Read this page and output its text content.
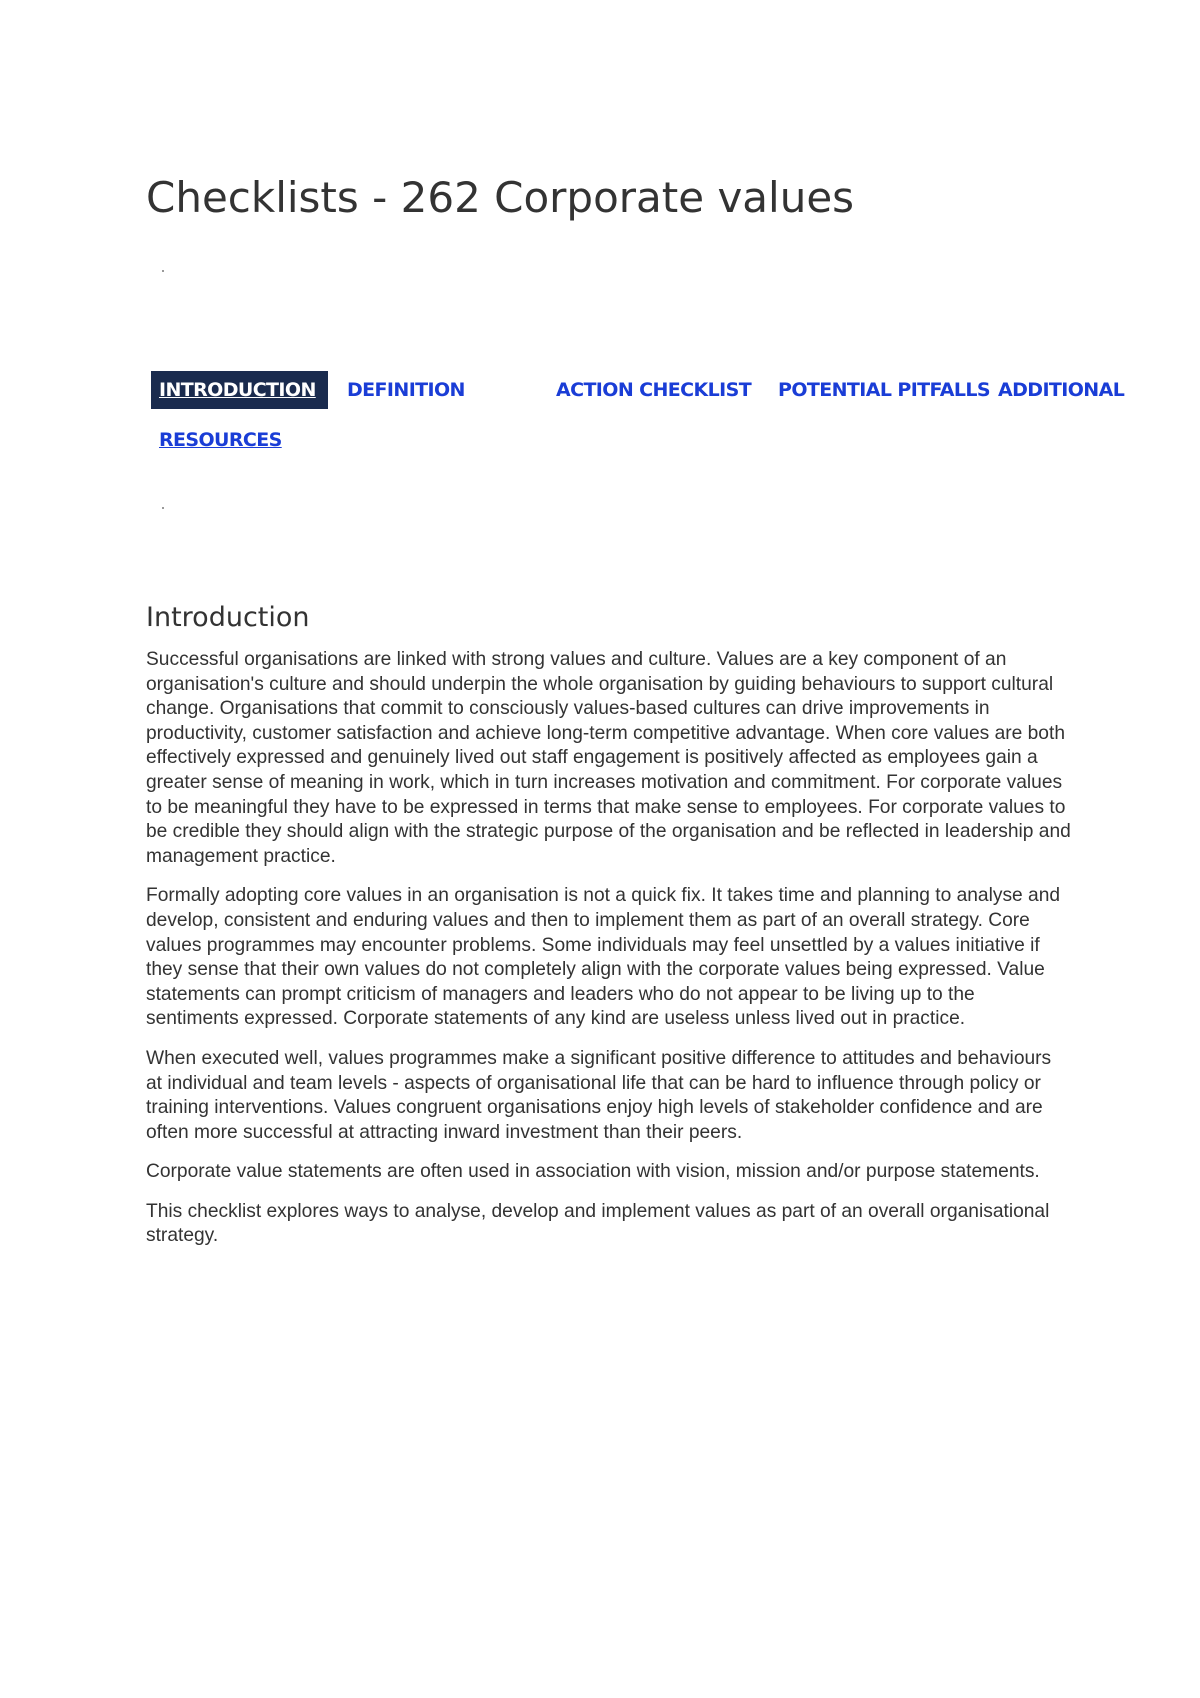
Checklists - 262 Corporate values
INTRODUCTION	DEFINITION	ACTION CHECKLIST POTENTIAL PITFALLS ADDITIONAL
RESOURCES
Introduction

Successful organisations are linked with strong values and culture. Values are a key component of an organisation's culture and should underpin the whole organisation by guiding behaviours to support cultural change. Organisations that commit to consciously values-based cultures can drive improvements in productivity, customer satisfaction and achieve long-term competitive advantage. When core values are both effectively expressed and genuinely lived out staff engagement is positively affected as employees gain a greater sense of meaning in work, which in turn increases motivation and commitment. For corporate values to be meaningful they have to be expressed in terms that make sense to employees. For corporate values to be credible they should align with the strategic purpose of the organisation and be reflected in leadership and management practice.

Formally adopting core values in an organisation is not a quick fix. It takes time and planning to analyse and develop, consistent and enduring values and then to implement them as part of an overall strategy. Core values programmes may encounter problems. Some individuals may feel unsettled by a values initiative if they sense that their own values do not completely align with the corporate values being expressed. Value statements can prompt criticism of managers and leaders who do not appear to be living up to the sentiments expressed. Corporate statements of any kind are useless unless lived out in practice.

When executed well, values programmes make a significant positive difference to attitudes and behaviours at individual and team levels - aspects of organisational life that can be hard to influence through policy or training interventions. Values congruent organisations enjoy high levels of stakeholder confidence and are often more successful at attracting inward investment than their peers.

Corporate value statements are often used in association with vision, mission and/or purpose statements.

This checklist explores ways to analyse, develop and implement values as part of an overall organisational strategy.
